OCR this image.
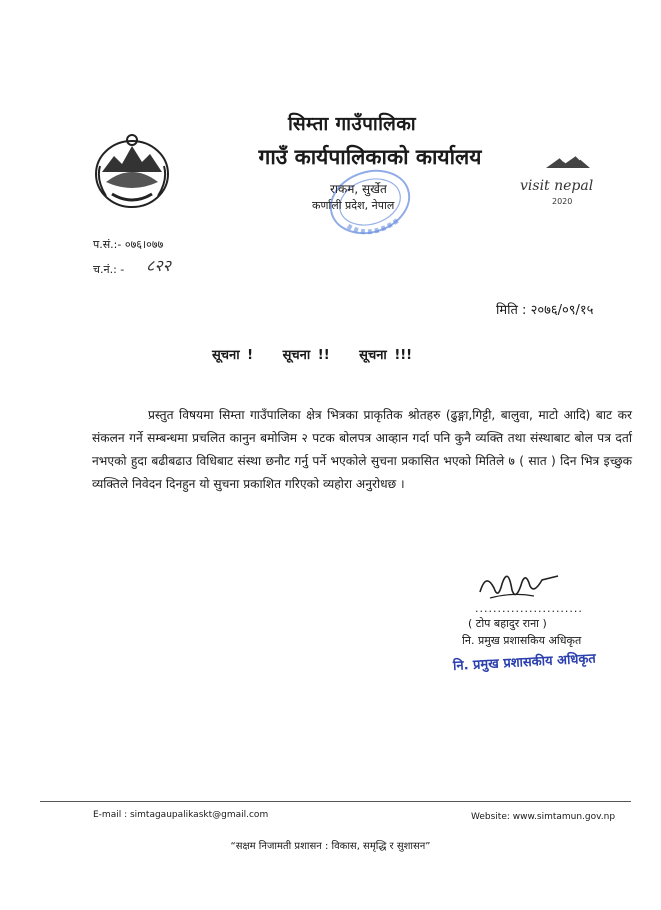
सिम्ता गाउँपालिका
गाउँ कार्यपालिकाको कार्यालय
राकम, सुर्खेत
कर्णाली प्रदेश, नेपाल
visit nepal
2020
प.सं.:- ०७६।०७७
च.नं.: - ८२२
मिति : २०७६/०९/१५
सूचना ! सूचना !! सूचना !!!
प्रस्तुत विषयमा सिम्ता गाउँपालिका क्षेत्र भित्रका प्राकृतिक श्रोतहरु (ढुङ्गा,गिट्टी, बालुवा, माटो आदि) बाट कर संकलन गर्ने सम्बन्धमा प्रचलित कानुन बमोजिम २ पटक बोलपत्र आव्हान गर्दा पनि कुनै व्यक्ति तथा संस्थाबाट बोल पत्र दर्ता नभएको हुदा बढीबढाउ विधिबाट संस्था छनौट गर्नु पर्ने भएकोले सुचना प्रकासित भएको मितिले ७ ( सात ) दिन भित्र इच्छुक व्यक्तिले निवेदन दिनहुन यो सुचना प्रकाशित गरिएको व्यहोरा अनुरोधछ ।
........................
( टोप बहादुर राना )
नि. प्रमुख प्रशासकिय अधिकृत
नि. प्रमुख प्रशासकीय अधिकृत
E-mail : simtagaupalikaskt@gmail.com	Website: www.simtamun.gov.np
“सक्षम निजामती प्रशासन : विकास, समृद्धि र सुशासन”
